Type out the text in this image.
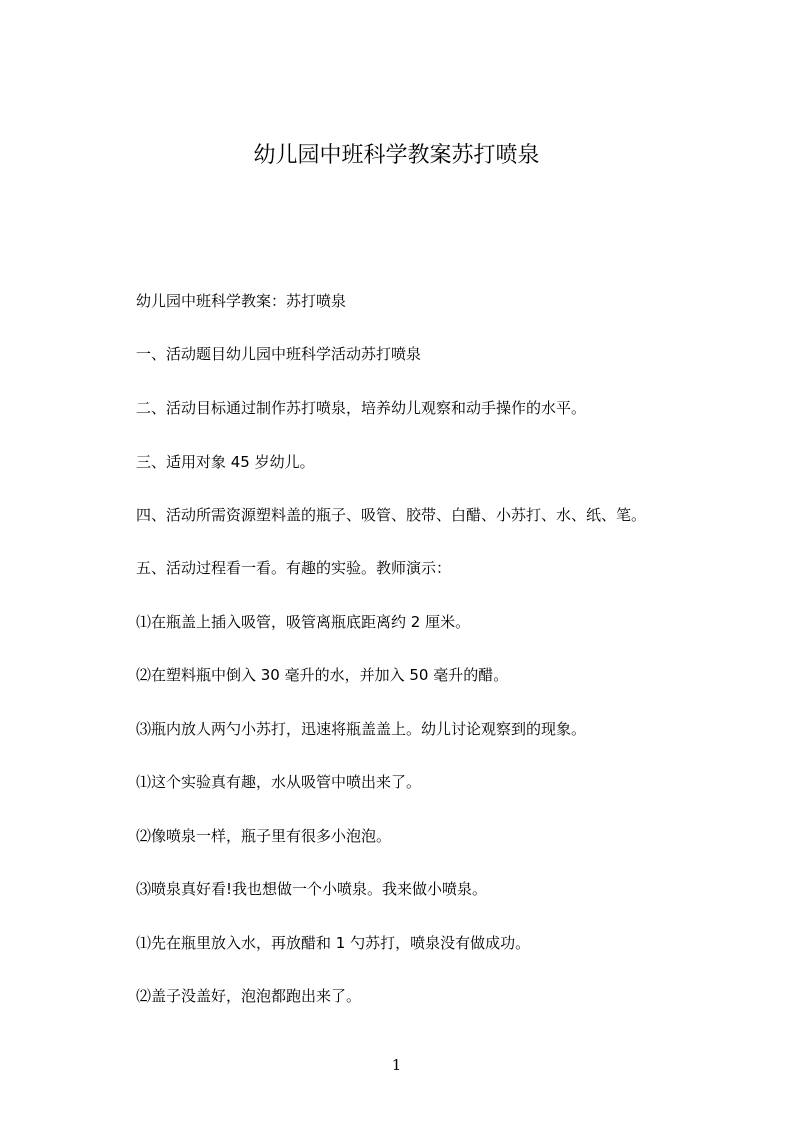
幼儿园中班科学教案苏打喷泉

幼儿园中班科学教案：苏打喷泉

一、活动题目幼儿园中班科学活动苏打喷泉

二、活动目标通过制作苏打喷泉，培养幼儿观察和动手操作的水平。

三、适用对象 45 岁幼儿。

四、活动所需资源塑料盖的瓶子、吸管、胶带、白醋、小苏打、水、纸、笔。

五、活动过程看一看。有趣的实验。教师演示：

⑴在瓶盖上插入吸管，吸管离瓶底距离约 2 厘米。

⑵在塑料瓶中倒入 30 毫升的水，并加入 50 毫升的醋。

⑶瓶内放人两勺小苏打，迅速将瓶盖盖上。幼儿讨论观察到的现象。

⑴这个实验真有趣，水从吸管中喷出来了。

⑵像喷泉一样，瓶子里有很多小泡泡。

⑶喷泉真好看!我也想做一个小喷泉。我来做小喷泉。

⑴先在瓶里放入水，再放醋和 1 勺苏打，喷泉没有做成功。

⑵盖子没盖好，泡泡都跑出来了。

1
